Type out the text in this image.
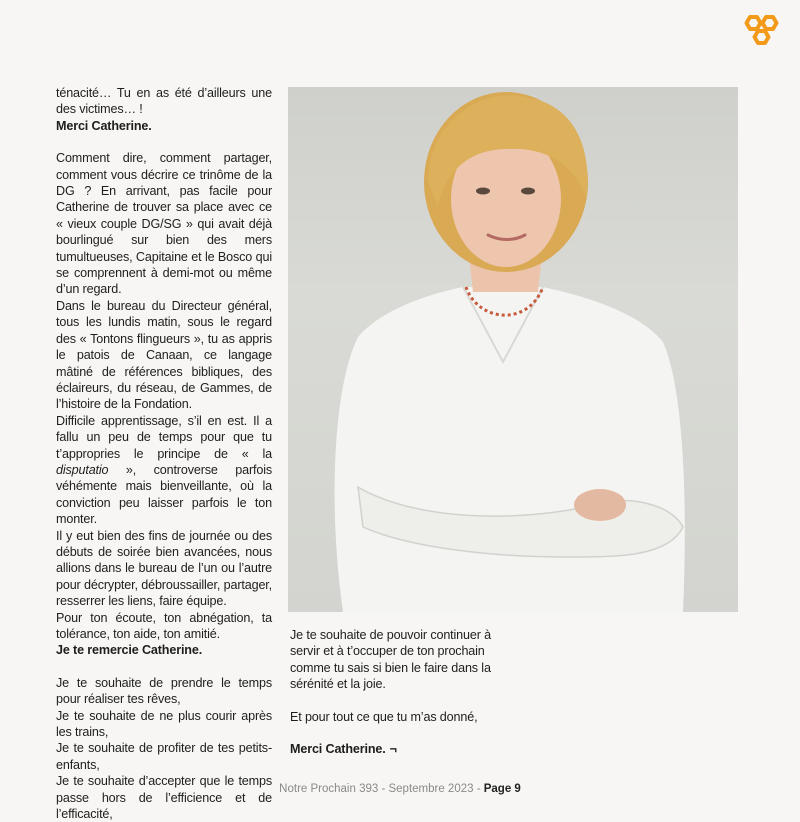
ténacité… Tu en as été d’ailleurs une des victimes… !

Merci Catherine.

Comment dire, comment partager, comment vous décrire ce trinôme de la DG ? En arrivant, pas facile pour Catherine de trouver sa place avec ce « vieux couple DG/SG » qui avait déjà bourlingué sur bien des mers tumultueuses, Capitaine et le Bosco qui se comprennent à demi-mot ou même d’un regard.

Dans le bureau du Directeur général, tous les lundis matin, sous le regard des « Tontons flingueurs », tu as appris le patois de Canaan, ce langage mâtiné de références bibliques, des éclaireurs, du réseau, de Gammes, de l’histoire de la Fondation.

Difficile apprentissage, s’il en est. Il a fallu un peu de temps pour que tu t’appropries le principe de « la disputatio », controverse parfois véhémente mais bienveillante, où la conviction peu laisser parfois le ton monter.

Il y eut bien des fins de journée ou des débuts de soirée bien avancées, nous allions dans le bureau de l’un ou l’autre pour décrypter, débroussailler, partager, resserrer les liens, faire équipe.

Pour ton écoute, ton abnégation, ta tolérance, ton aide, ton amitié.

Je te remercie Catherine.

Je te souhaite de prendre le temps pour réaliser tes rêves,

Je te souhaite de ne plus courir après les trains,

Je te souhaite de profiter de tes petits-enfants,

Je te souhaite d’accepter que le temps passe hors de l’efficience et de l’efficacité,

Je te souhaite de pouvoir continuer à servir et à t’occuper de ton prochain comme tu sais si bien le faire dans la sérénité et la joie.

Et pour tout ce que tu m’as donné,

Merci Catherine. ¬

Notre Prochain 393 - Septembre 2023 - Page 9
